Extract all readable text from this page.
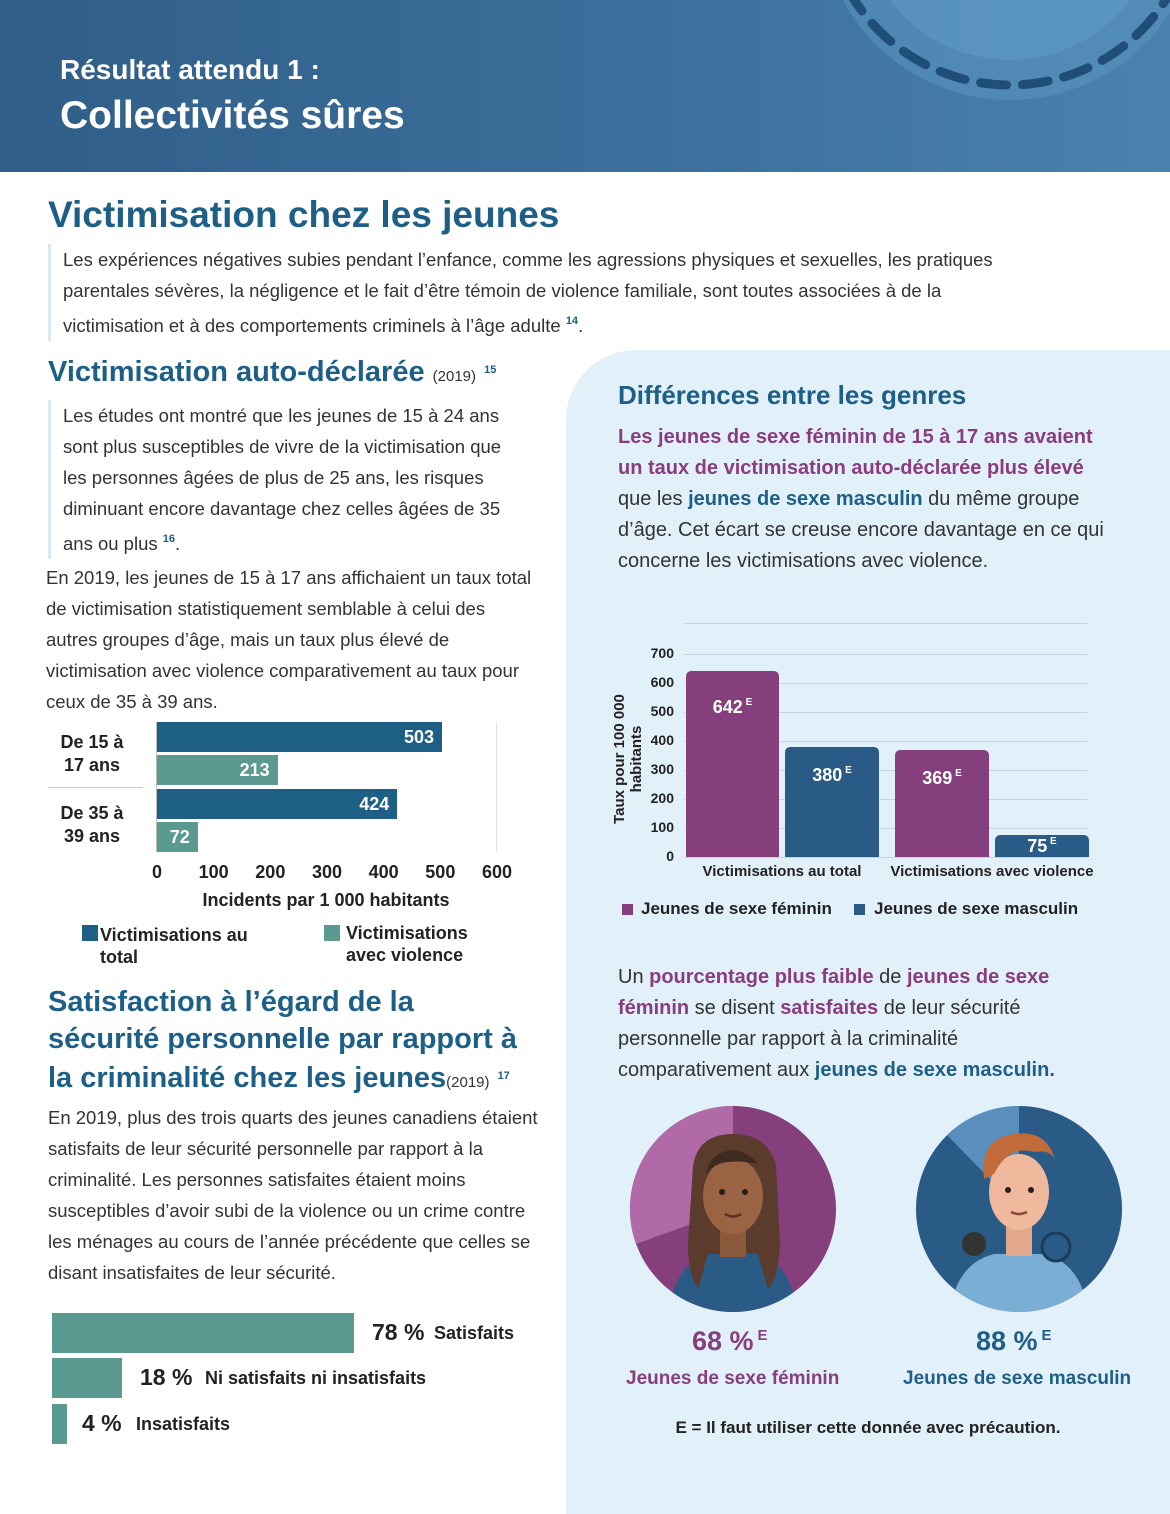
Résultat attendu 1 :
Collectivités sûres
Victimisation chez les jeunes
Les expériences négatives subies pendant l’enfance, comme les agressions physiques et sexuelles, les pratiques parentales sévères, la négligence et le fait d’être témoin de violence familiale, sont toutes associées à de la victimisation et à des comportements criminels à l’âge adulte $^{14}$.
Victimisation auto-déclarée (2019) $^{15}$
Les études ont montré que les jeunes de 15 à 24 ans sont plus susceptibles de vivre de la victimisation que les personnes âgées de plus de 25 ans, les risques diminuant encore davantage chez celles âgées de 35 ans ou plus $^{16}$.
En 2019, les jeunes de 15 à 17 ans affichaient un taux total de victimisation statistiquement semblable à celui des autres groupes d’âge, mais un taux plus élevé de victimisation avec violence comparativement au taux pour ceux de 35 à 39 ans.
De 15 à 17 ans
De 35 à 39 ans
503
213
424
72
0	100	200	300	400	500	600
Incidents par 1 000 habitants
Victimisations au total
Victimisations avec violence
Satisfaction à l’égard de la
sécurité personnelle par rapport à
la criminalité chez les jeunes(2019) $^{17}$
En 2019, plus des trois quarts des jeunes canadiens étaient satisfaits de leur sécurité personnelle par rapport à la criminalité. Les personnes satisfaites étaient moins susceptibles d’avoir subi de la violence ou un crime contre les ménages au cours de l’année précédente que celles se disant insatisfaites de leur sécurité.
78 % Satisfaits
18 % Ni satisfaits ni insatisfaits
4 % Insatisfaits
Différences entre les genres
Les jeunes de sexe féminin de 15 à 17 ans avaient un taux de victimisation auto-déclarée plus élevé que les jeunes de sexe masculin du même groupe d’âge. Cet écart se creuse encore davantage en ce qui concerne les victimisations avec violence.
Taux pour 100 000 habitants
0
100
200
300
400
500
600
700
642 $^E$
380 $^E$	369 $^E$
75 $^E$
Victimisations au total	Victimisations avec violence
Jeunes de sexe féminin Jeunes de sexe masculin
Un pourcentage plus faible de jeunes de sexe féminin se disent satisfaites de leur sécurité personnelle par rapport à la criminalité comparativement aux jeunes de sexe masculin.
68 % $^E$	88 % $^E$
Jeunes de sexe féminin	Jeunes de sexe masculin
E = Il faut utiliser cette donnée avec précaution.
